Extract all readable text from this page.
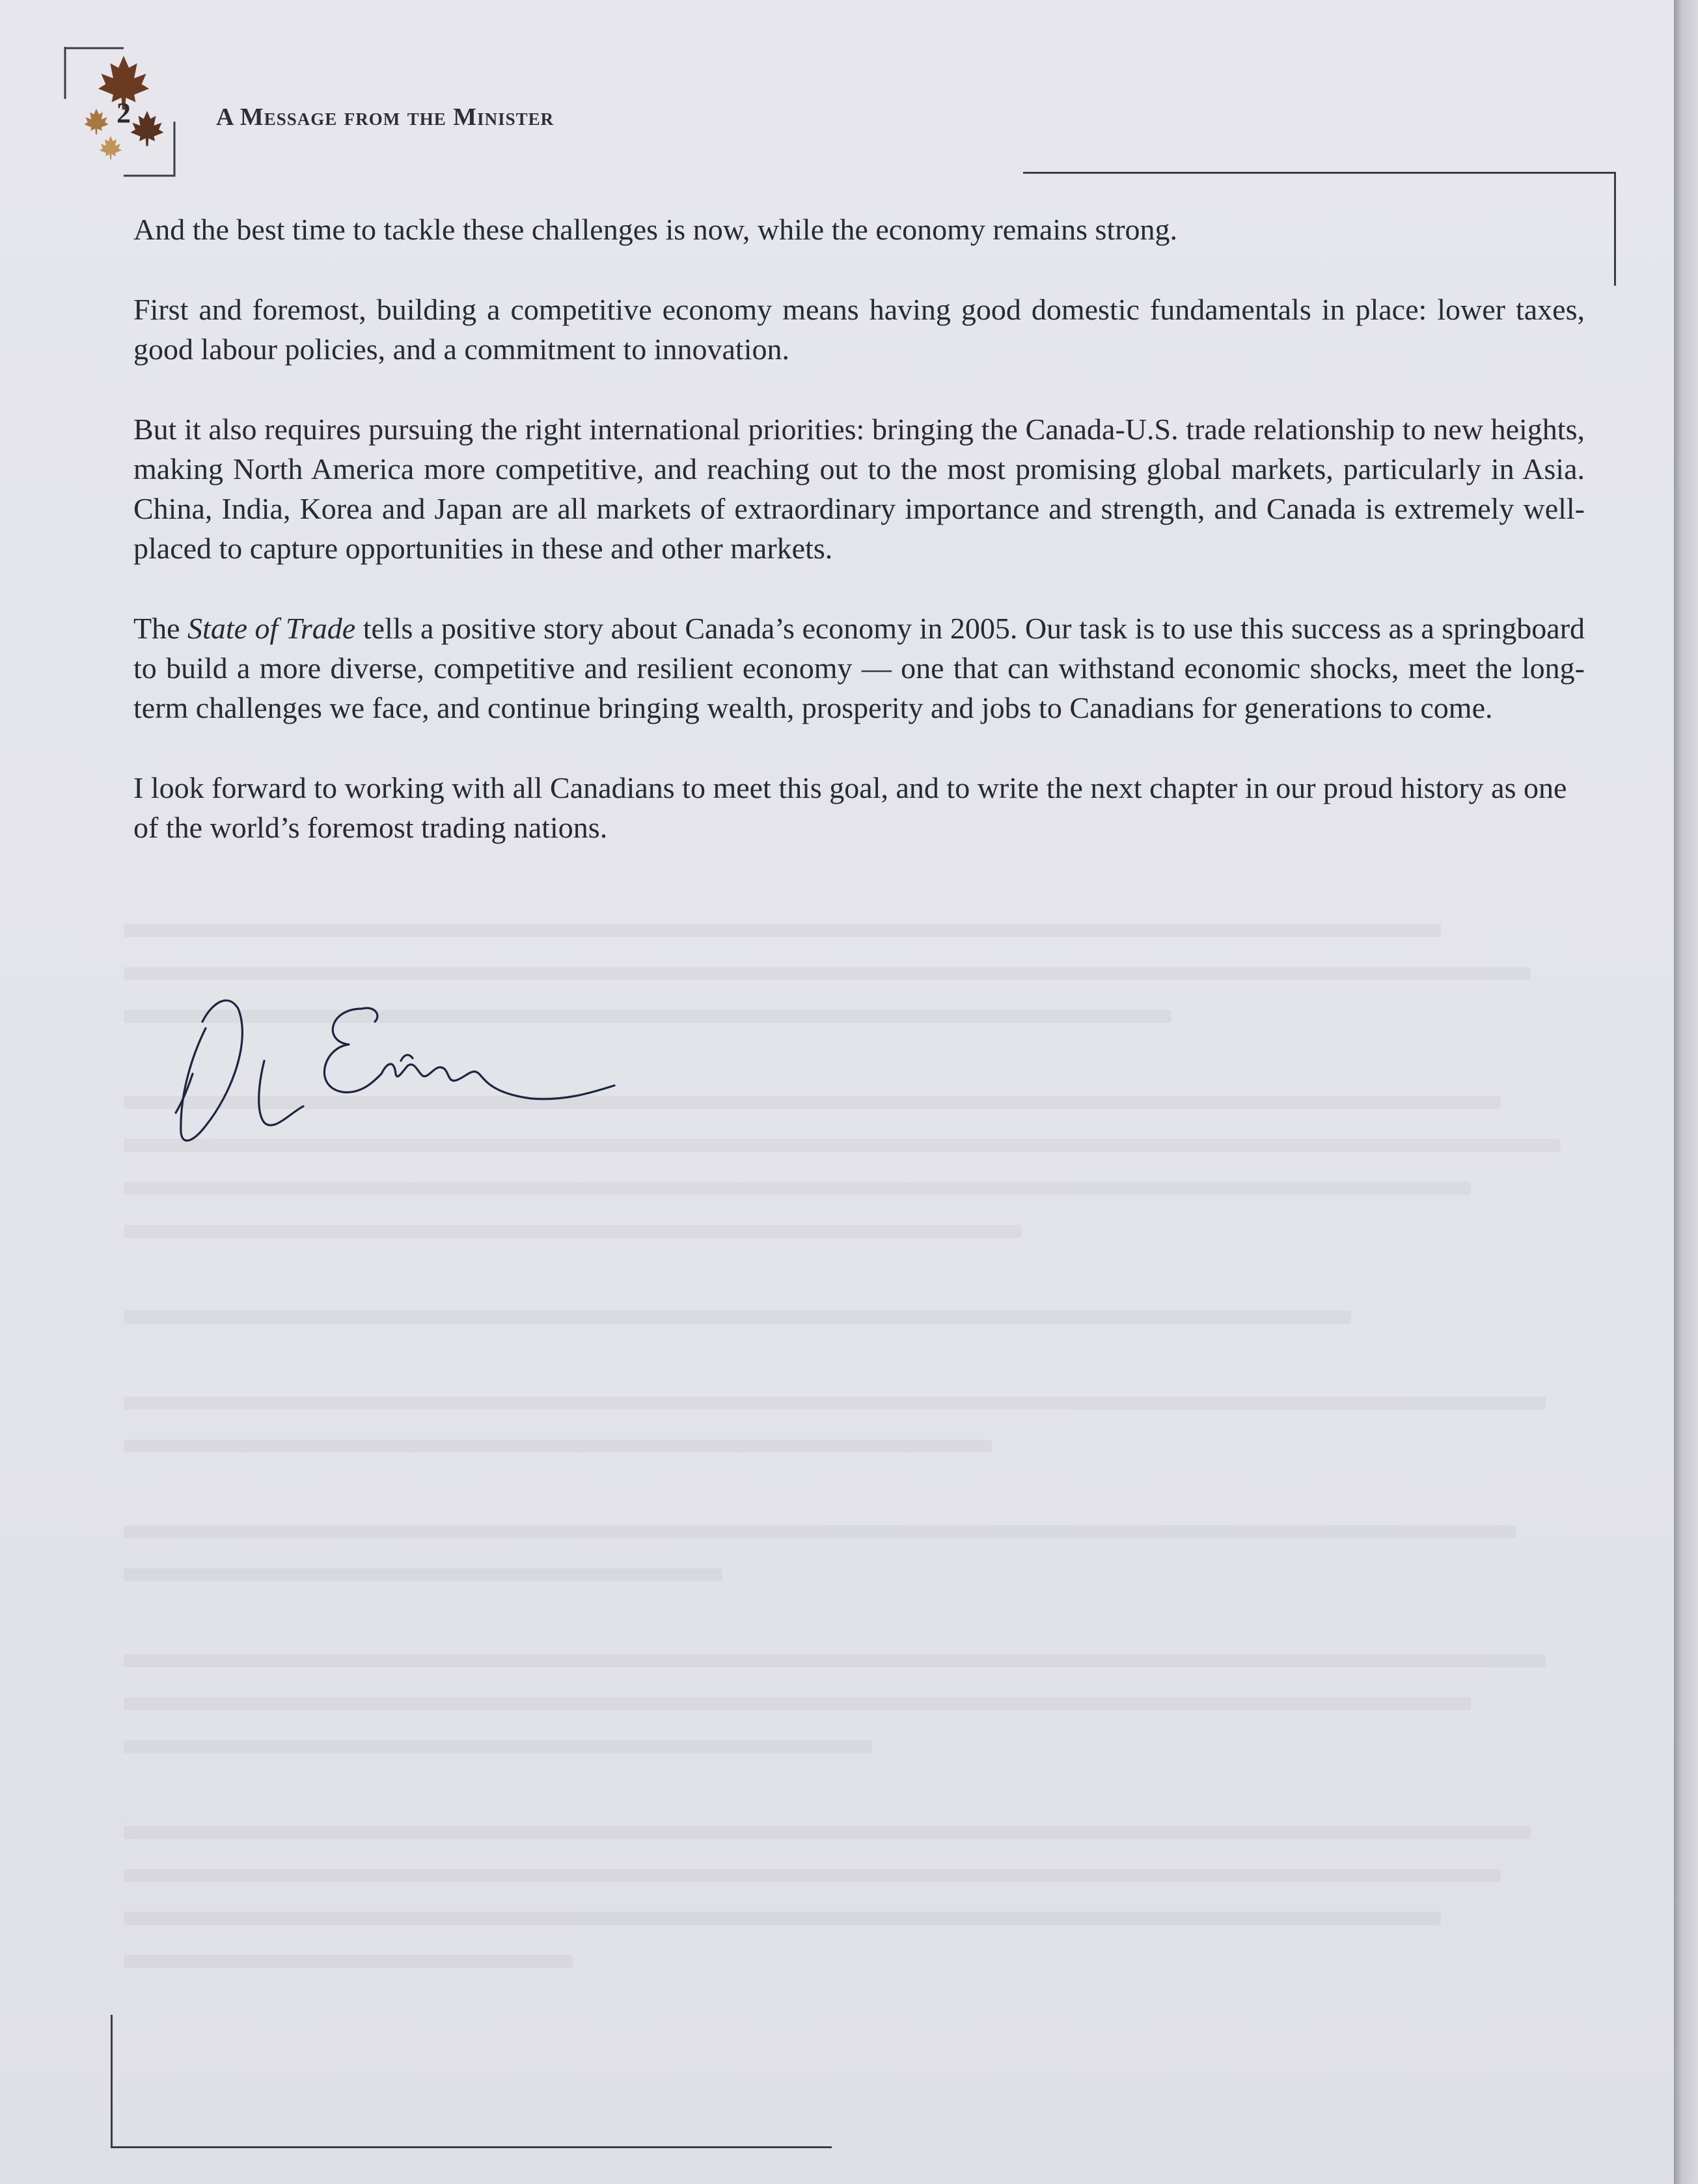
2	A Message from the Minister

And the best time to tackle these challenges is now, while the economy remains strong.

First and foremost, building a competitive economy means having good domestic fundamentals in place: lower taxes, good labour policies, and a commitment to innovation.

But it also requires pursuing the right international priorities: bringing the Canada-U.S. trade relationship to new heights, making North America more competitive, and reaching out to the most promising global markets, particularly in Asia. China, India, Korea and Japan are all markets of extraordinary importance and strength, and Canada is extremely well-placed to capture opportunities in these and other markets.

The State of Trade tells a positive story about Canada’s economy in 2005. Our task is to use this success as a springboard to build a more diverse, competitive and resilient economy — one that can withstand economic shocks, meet the long-term challenges we face, and continue bringing wealth, prosperity and jobs to Canadians for generations to come.

I look forward to working with all Canadians to meet this goal, and to write the next chapter in our proud history as one of the world’s foremost trading nations.
